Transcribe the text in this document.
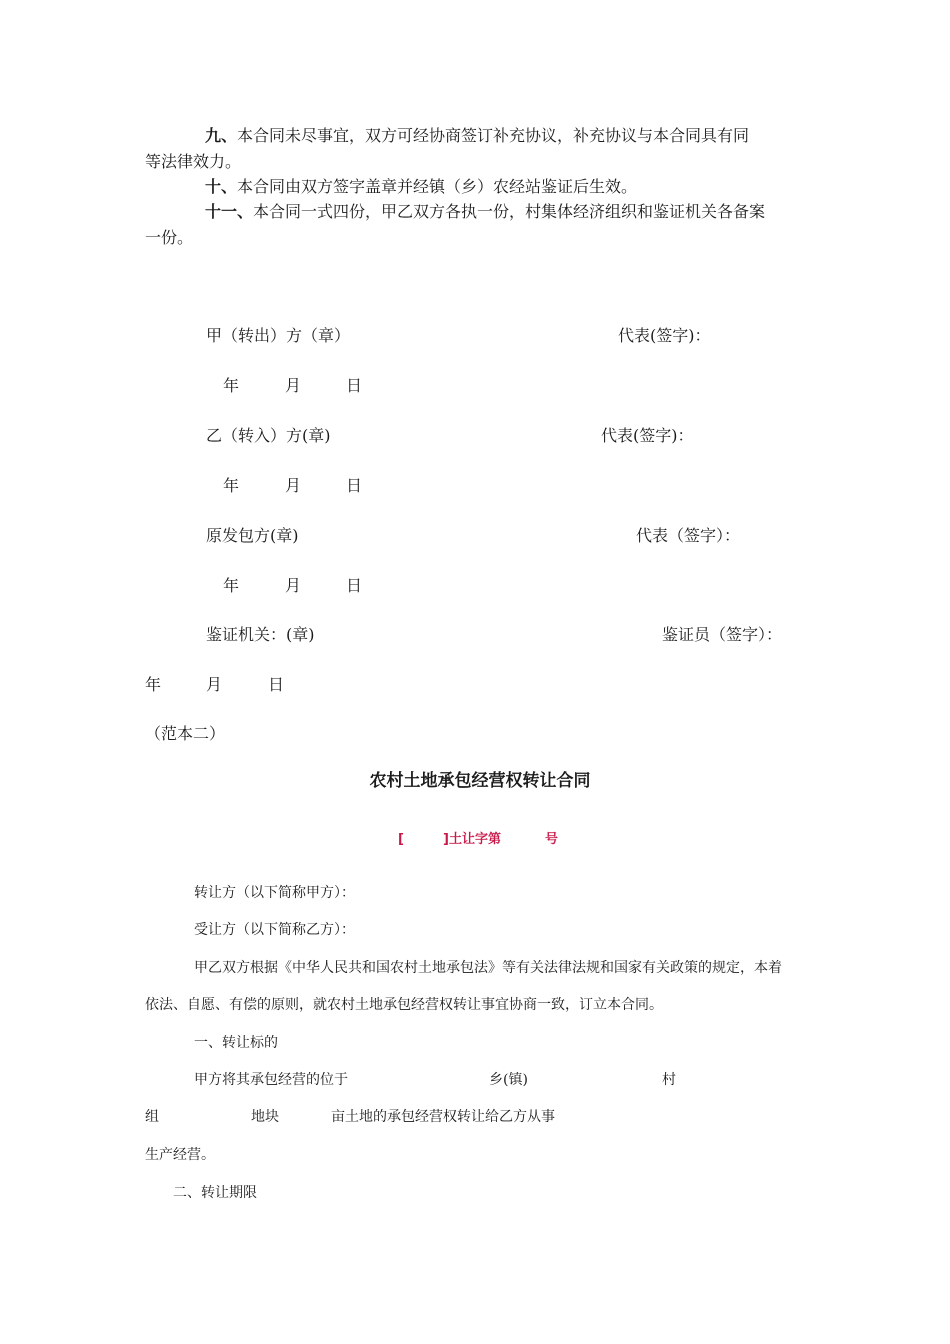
九、本合同未尽事宜，双方可经协商签订补充协议，补充协议与本合同具有同
等法律效力。
十、本合同由双方签字盖章并经镇（乡）农经站鉴证后生效。
十一、本合同一式四份，甲乙双方各执一份，村集体经济组织和鉴证机关各备案
一份。
甲（转出）方（章）	代表(签字)：
年	月	日
乙（转入）方(章)	代表(签字)：
年	月	日
原发包方(章)	代表（签字）：
年	月	日
鉴证机关：(章)	鉴证员（签字）：
年	月	日
（范本二）
农村土地承包经营权转让合同
[	]土让字第	号
转让方（以下简称甲方）：
受让方（以下简称乙方）：
甲乙双方根据《中华人民共和国农村土地承包法》等有关法律法规和国家有关政策的规定，本着
依法、自愿、有偿的原则，就农村土地承包经营权转让事宜协商一致，订立本合同。
一、转让标的
甲方将其承包经营的位于	乡(镇)	村
组	地块	亩土地的承包经营权转让给乙方从事
生产经营。
二、转让期限
